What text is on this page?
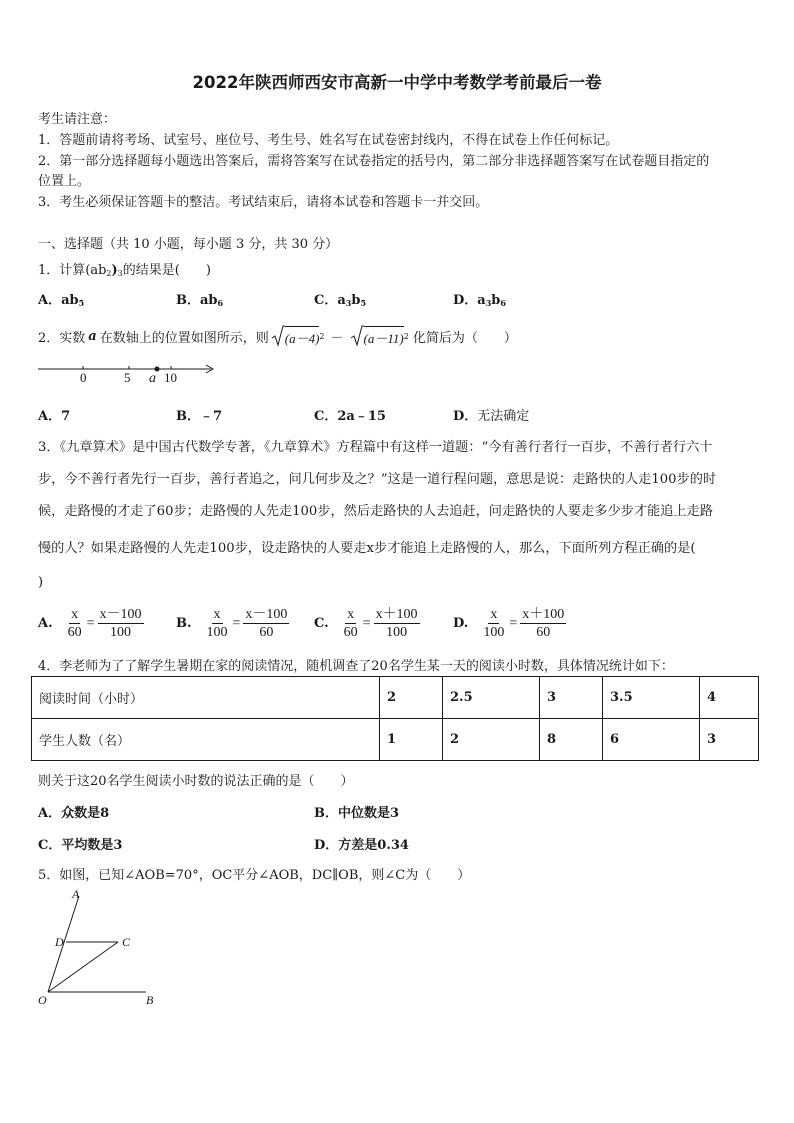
2022年陕西师西安市高新一中学中考数学考前最后一卷
考生请注意：
1．答题前请将考场、试室号、座位号、考生号、姓名写在试卷密封线内，不得在试卷上作任何标记。
2．第一部分选择题每小题选出答案后，需将答案写在试卷指定的括号内，第二部分非选择题答案写在试卷题目指定的
位置上。
3．考生必须保证答题卡的整洁。考试结束后，请将本试卷和答题卡一并交回。
一、选择题（共 10 小题，每小题 3 分，共 30 分）
1．计算$(ab_2)_3$的结果是(　　)
A．$ab_5$	B．$ab_6$	C．$a_3b_5$	D．$a_3b_6$
2．实数 a 在数轴上的位置如图所示，则 (a－4) 2 － (a－11) 2 化简后为（　　）
0	5 a 10
A．7	B．﹣7	C．2a﹣15	D．无法确定
3．《九章算术》是中国古代数学专著，《九章算术》方程篇中有这样一道题：“今有善行者行一百步，不善行者行六十
步，今不善行者先行一百步，善行者追之，问几何步及之？”这是一道行程问题，意思是说：走路快的人走100步的时
候，走路慢的才走了60步；走路慢的人先走100步，然后走路快的人去追赶，问走路快的人要走多少步才能追上走路
慢的人？如果走路慢的人先走100步，设走路快的人要走x步才能追上走路慢的人，那么，下面所列方程正确的是(
)
A. $\frac{x}{60} = \frac{x-100}{100} B$. $\frac{x}{100} = \frac{x-100}{60} C$. $\frac{x}{60} = \frac{x+100}{100}$	D. $\frac{x}{100} = \frac{x+100}{60}$
4．李老师为了了解学生暑期在家的阅读情况，随机调查了20名学生某一天的阅读小时数，具体情况统计如下：
阅读时间（小时）	2	2.5	3	3.5	4
学生人数（名）	1	2	8	6	3
则关于这20名学生阅读小时数的说法正确的是（　　）
A．众数是8	B．中位数是3
C．平均数是3	D．方差是0.34
5．如图，已知∠AOB=70°，OC平分∠AOB，DC∥OB，则∠C为（　　）
A
D	C
O	B
